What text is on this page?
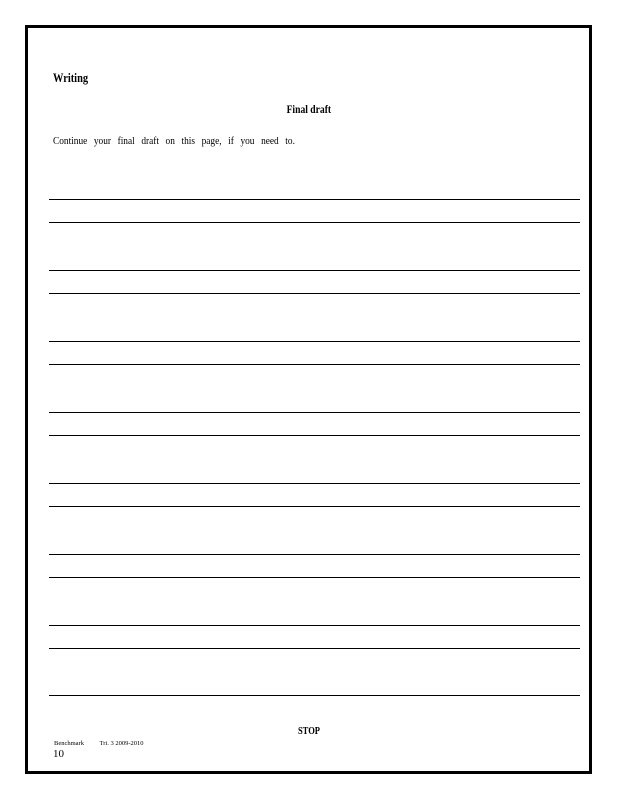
Writing
Final draft
Continue your final draft on this page, if you need to.
STOP
Benchmark Tri. 3 2009-2010
10
